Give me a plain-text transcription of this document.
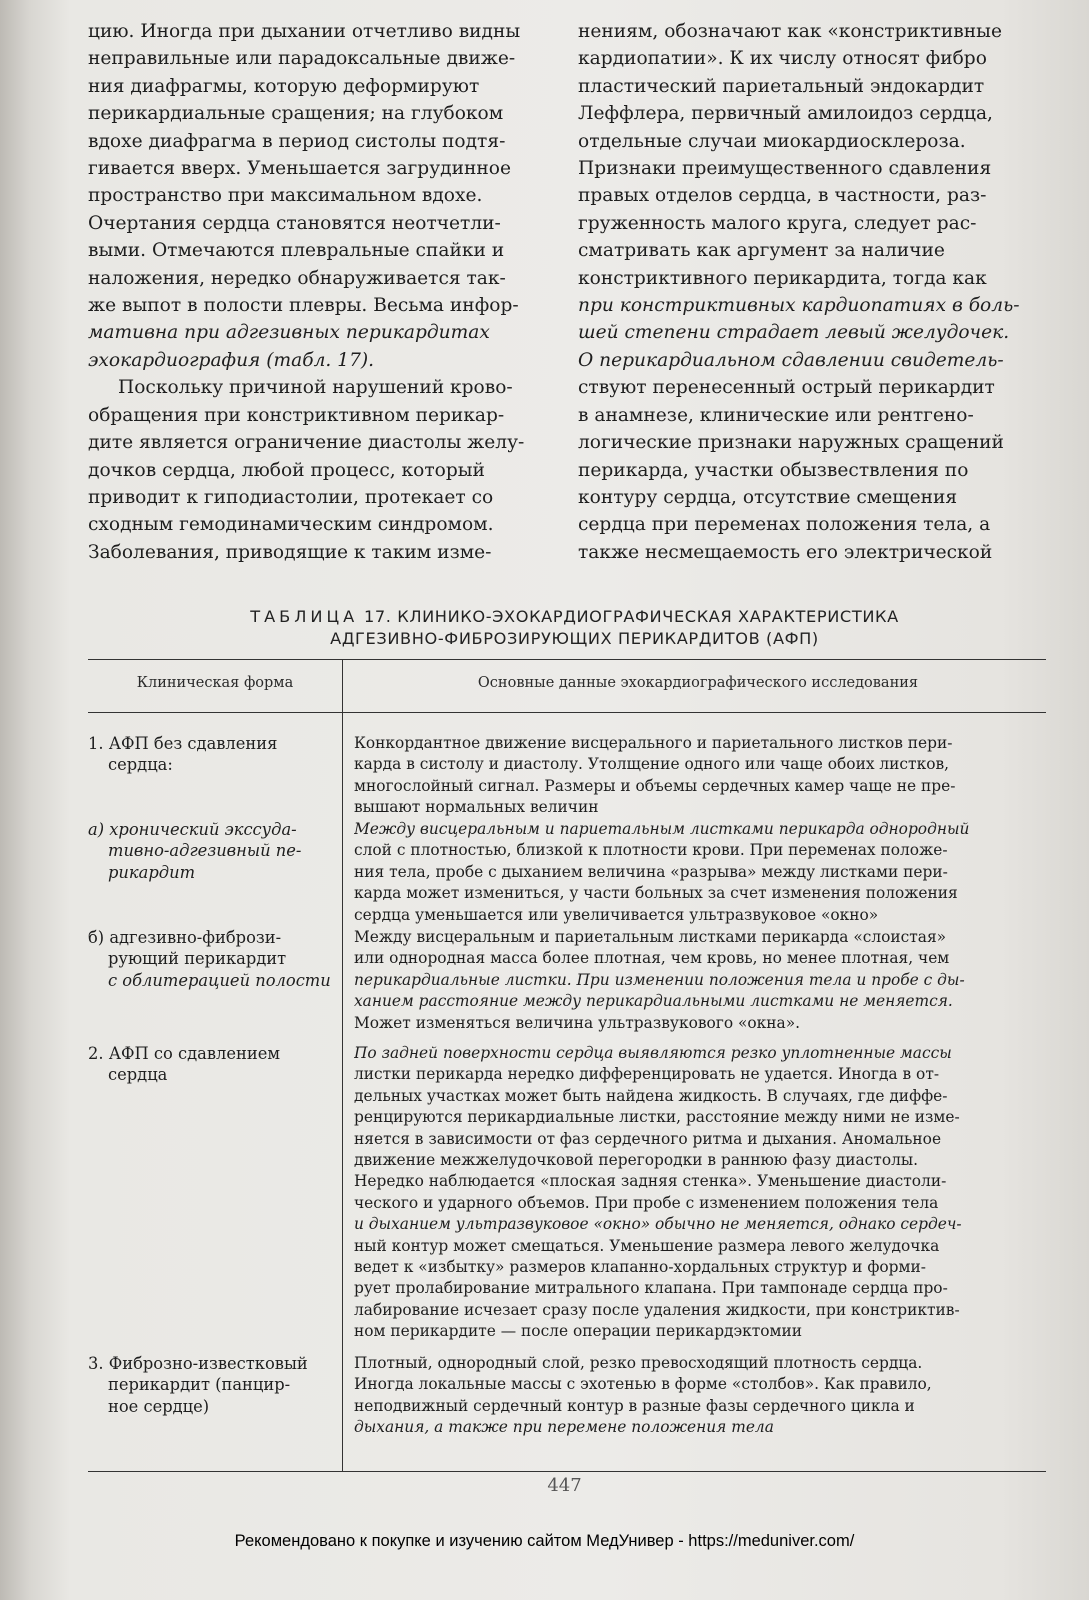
цию. Иногда при дыхании отчетливо видны

неправильные или парадоксальные движе-

ния диафрагмы, которую деформируют

перикардиальные сращения; на глубоком

вдохе диафрагма в период систолы подтя-

гивается вверх. Уменьшается загрудинное

пространство при максимальном вдохе.

Очертания сердца становятся неотчетли-

выми. Отмечаются плевральные спайки и

наложения, нередко обнаруживается так-

же выпот в полости плевры. Весьма инфор-

мативна при адгезивных перикардитах

эхокардиография (табл. 17).

Поскольку причиной нарушений крово-

обращения при констриктивном перикар-

дите является ограничение диастолы желу-

дочков сердца, любой процесс, который

приводит к гиподиастолии, протекает со

сходным гемодинамическим синдромом.

Заболевания, приводящие к таким изме-

нениям, обозначают как «констриктивные

кардиопатии». К их числу относят фибро

пластический париетальный эндокардит

Леффлера, первичный амилоидоз сердца,

отдельные случаи миокардиосклероза.

Признаки преимущественного сдавления

правых отделов сердца, в частности, раз-

груженность малого круга, следует рас-

сматривать как аргумент за наличие

констриктивного перикардита, тогда как

при констриктивных кардиопатиях в боль-

шей степени страдает левый желудочек.

О перикардиальном сдавлении свидетель-

ствуют перенесенный острый перикардит

в анамнезе, клинические или рентгено-

логические признаки наружных сращений

перикарда, участки обызвествления по

контуру сердца, отсутствие смещения

сердца при переменах положения тела, а

также несмещаемость его электрической

ТАБЛИЦА 17. КЛИНИКО-ЭХОКАРДИОГРАФИЧЕСКАЯ ХАРАКТЕРИСТИКА
АДГЕЗИВНО-ФИБРОЗИРУЮЩИХ ПЕРИКАРДИТОВ (АФП)
Клиническая форма	Основные данные эхокардиографического исследования
1. АФП без сдавления
сердца:
Конкордантное движение висцерального и париетального листков пери-
карда в систолу и диастолу. Утолщение одного или чаще обоих листков,
многослойный сигнал. Размеры и объемы сердечных камер чаще не пре-
вышают нормальных величин
а) хронический экссуда-
тивно-адгезивный пе-
рикардит
Между висцеральным и париетальным листками перикарда однородный
слой с плотностью, близкой к плотности крови. При переменах положе-
ния тела, пробе с дыханием величина «разрыва» между листками пери-
карда может измениться, у части больных за счет изменения положения
сердца уменьшается или увеличивается ультразвуковое «окно»
б) адгезивно-фибрози-
рующий перикардит
с облитерацией полости
Между висцеральным и париетальным листками перикарда «слоистая»
или однородная масса более плотная, чем кровь, но менее плотная, чем
перикардиальные листки. При изменении положения тела и пробе с ды-
ханием расстояние между перикардиальными листками не меняется.
Может изменяться величина ультразвукового «окна».
2. АФП со сдавлением
сердца
По задней поверхности сердца выявляются резко уплотненные массы
листки перикарда нередко дифференцировать не удается. Иногда в от-
дельных участках может быть найдена жидкость. В случаях, где диффе-
ренцируются перикардиальные листки, расстояние между ними не изме-
няется в зависимости от фаз сердечного ритма и дыхания. Аномальное
движение межжелудочковой перегородки в раннюю фазу диастолы.
Нередко наблюдается «плоская задняя стенка». Уменьшение диастоли-
ческого и ударного объемов. При пробе с изменением положения тела
и дыханием ультразвуковое «окно» обычно не меняется, однако сердеч-
ный контур может смещаться. Уменьшение размера левого желудочка
ведет к «избытку» размеров клапанно-хордальных структур и форми-
рует пролабирование митрального клапана. При тампонаде сердца про-
лабирование исчезает сразу после удаления жидкости, при констриктив-
ном перикардите — после операции перикардэктомии
3. Фиброзно-известковый
перикардит (панцир-
ное сердце)
Плотный, однородный слой, резко превосходящий плотность сердца.
Иногда локальные массы с эхотенью в форме «столбов». Как правило,
неподвижный сердечный контур в разные фазы сердечного цикла и
дыхания, а также при перемене положения тела
447
Рекомендовано к покупке и изучению сайтом МедУнивер - https://meduniver.com/
